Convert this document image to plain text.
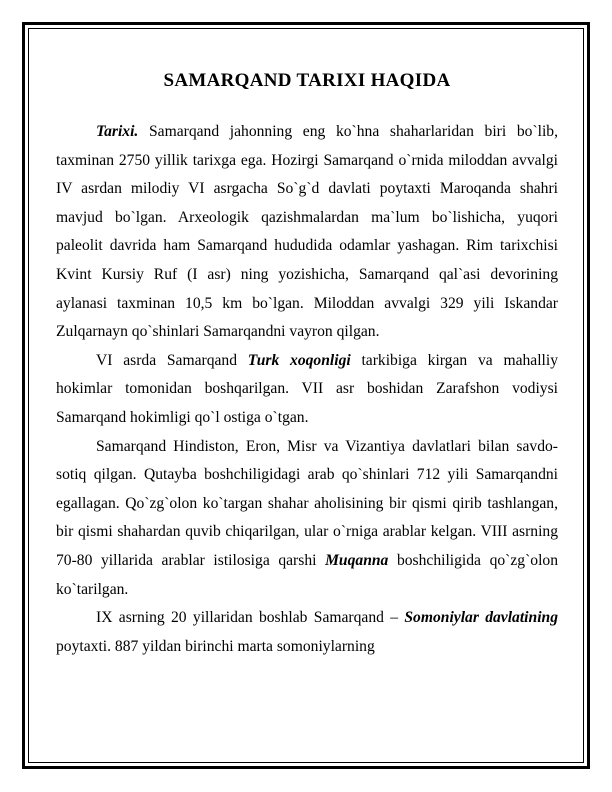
SAMARQAND TARIXI HAQIDA

Tarixi. Samarqand jahonning eng ko`hna shaharlaridan biri bo`lib, taxminan 2750 yillik tarixga ega. Hozirgi Samarqand o`rnida miloddan avvalgi IV asrdan milodiy VI asrgacha So`g`d davlati poytaxti Maroqanda shahri mavjud bo`lgan. Arxeologik qazishmalardan ma`lum bo`lishicha, yuqori paleolit davrida ham Samarqand hududida odamlar yashagan. Rim tarixchisi Kvint Kursiy Ruf (I asr) ning yozishicha, Samarqand qal`asi devorining aylanasi taxminan 10,5 km bo`lgan. Miloddan avvalgi 329 yili Iskandar Zulqarnayn qo`shinlari Samarqandni vayron qilgan.

VI asrda Samarqand Turk xoqonligi tarkibiga kirgan va mahalliy hokimlar tomonidan boshqarilgan. VII asr boshidan Zarafshon vodiysi Samarqand hokimligi qo`l ostiga o`tgan.

Samarqand Hindiston, Eron, Misr va Vizantiya davlatlari bilan savdo-sotiq qilgan. Qutayba boshchiligidagi arab qo`shinlari 712 yili Samarqandni egallagan. Qo`zg`olon ko`targan shahar aholisining bir qismi qirib tashlangan, bir qismi shahardan quvib chiqarilgan, ular o`rniga arablar kelgan. VIII asrning 70-80 yillarida arablar istilosiga qarshi Muqanna boshchiligida qo`zg`olon ko`tarilgan.

IX asrning 20 yillaridan boshlab Samarqand – Somoniylar davlatining poytaxti. 887 yildan birinchi marta somoniylarning
